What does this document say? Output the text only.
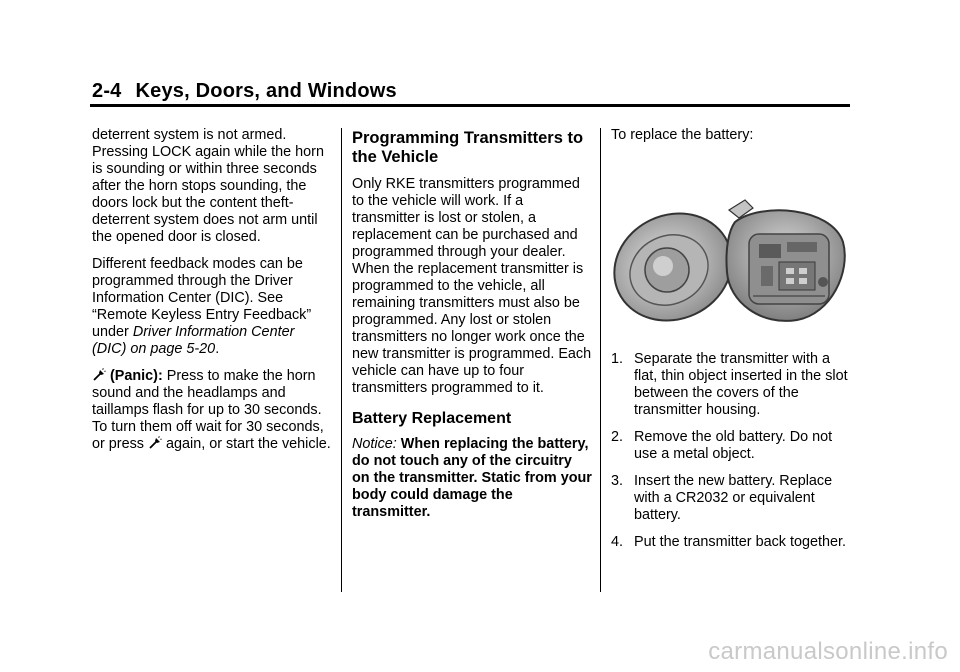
2-4 Keys, Doors, and Windows

deterrent system is not armed. Pressing LOCK again while the horn is sounding or within three seconds after the horn stops sounding, the doors lock but the content theft-deterrent system does not arm until the opened door is closed.

Different feedback modes can be programmed through the Driver Information Center (DIC). See “Remote Keyless Entry Feedback” under Driver Information Center (DIC) on page 5-20.

(Panic): Press to make the horn sound and the headlamps and taillamps flash for up to 30 seconds. To turn them off wait for 30 seconds, or press again, or start the vehicle.

Programming Transmitters to the Vehicle

Only RKE transmitters programmed to the vehicle will work. If a transmitter is lost or stolen, a replacement can be purchased and programmed through your dealer. When the replacement transmitter is programmed to the vehicle, all remaining transmitters must also be programmed. Any lost or stolen transmitters no longer work once the new transmitter is programmed. Each vehicle can have up to four transmitters programmed to it.

Battery Replacement

Notice: When replacing the battery, do not touch any of the circuitry on the transmitter. Static from your body could damage the transmitter.

To replace the battery:

1. Separate the transmitter with a flat, thin object inserted in the slot between the covers of the transmitter housing.
2. Remove the old battery. Do not use a metal object.
3. Insert the new battery. Replace with a CR2032 or equivalent battery.
4. Put the transmitter back together.
carmanualsonline.info
